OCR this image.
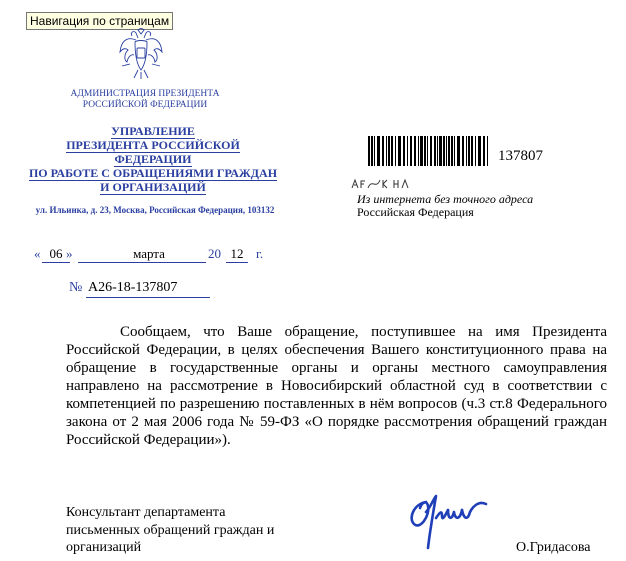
Навигация по страницам
АДМИНИСТРАЦИЯ ПРЕЗИДЕНТА
РОССИЙСКОЙ ФЕДЕРАЦИИ
УПРАВЛЕНИЕ
ПРЕЗИДЕНТА РОССИЙСКОЙ ФЕДЕРАЦИИ
ПО РАБОТЕ С ОБРАЩЕНИЯМИ ГРАЖДАН
И ОРГАНИЗАЦИЙ
ул. Ильинка, д. 23, Москва, Российская Федерация, 103132
137807
Из интернета без точного адреса
Российская Федерация
« 06 »	марта	20 12 г.
№ А26-18-137807
Сообщаем, что Ваше обращение, поступившее на имя Президента Российской Федерации, в целях обеспечения Вашего конституционного права на обращение в государственные органы и органы местного самоуправления направлено на рассмотрение в Новосибирский областной суд в соответствии с компетенцией по разрешению поставленных в нём вопросов (ч.3 ст.8 Федерального закона от 2 мая 2006 года № 59-ФЗ «О порядке рассмотрения обращений граждан Российской Федерации»).
Консультант департамента
письменных обращений граждан и
организаций	О.Гридасова
